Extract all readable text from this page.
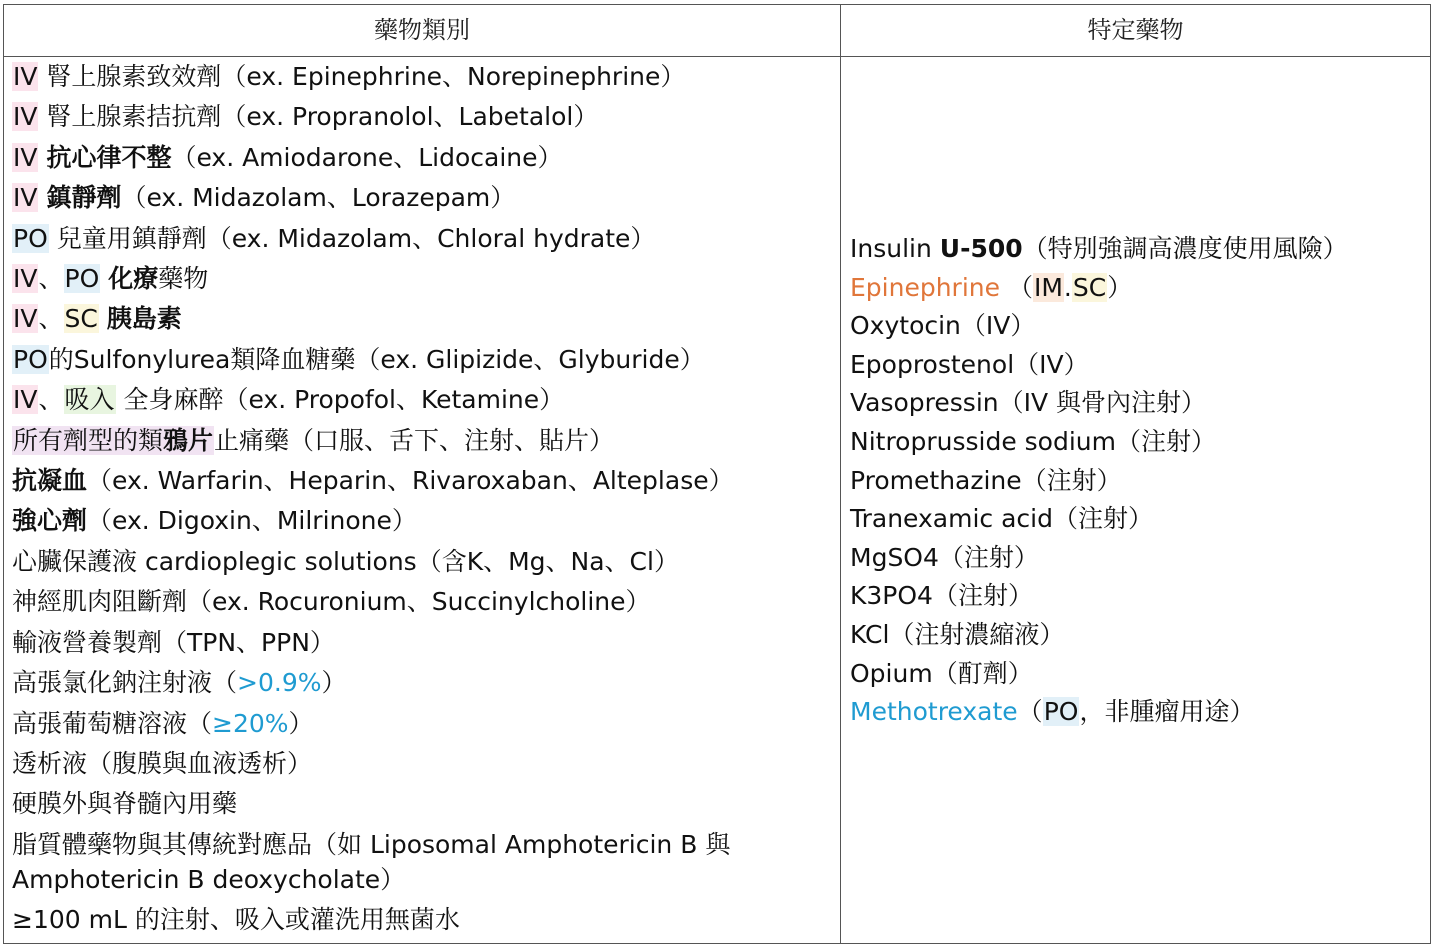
藥物類別	特定藥物
IV 腎上腺素致效劑（ex. Epinephrine、Norepinephrine）
IV 腎上腺素拮抗劑（ex. Propranolol、Labetalol）
IV 抗心律不整（ex. Amiodarone、Lidocaine）
IV 鎮靜劑（ex. Midazolam、Lorazepam）
PO 兒童用鎮靜劑（ex. Midazolam、Chloral hydrate）
IV、PO 化療藥物
IV、SC 胰島素
PO的Sulfonylurea類降血糖藥（ex. Glipizide、Glyburide）
IV、吸入 全身麻醉（ex. Propofol、Ketamine）
所有劑型的類鴉片止痛藥（口服、舌下、注射、貼片）
抗凝血（ex. Warfarin、Heparin、Rivaroxaban、Alteplase）
強心劑（ex. Digoxin、Milrinone）
心臟保護液 cardioplegic solutions（含K、Mg、Na、Cl）
神經肌肉阻斷劑（ex. Rocuronium、Succinylcholine）
輸液營養製劑（TPN、PPN）
高張氯化鈉注射液（>0.9%）
高張葡萄糖溶液（≥20%）
透析液（腹膜與血液透析）
硬膜外與脊髓內用藥
脂質體藥物與其傳統對應品（如 Liposomal Amphotericin B 與 Amphotericin B deoxycholate）
≥100 mL 的注射、吸入或灌洗用無菌水
Insulin U-500（特別強調高濃度使用風險）
Epinephrine （IM.SC）
Oxytocin（IV）
Epoprostenol（IV）
Vasopressin（IV 與骨內注射）
Nitroprusside sodium（注射）
Promethazine（注射）
Tranexamic acid（注射）
MgSO4（注射）
K3PO4（注射）
KCl（注射濃縮液）
Opium（酊劑）
Methotrexate（PO，非腫瘤用途）
